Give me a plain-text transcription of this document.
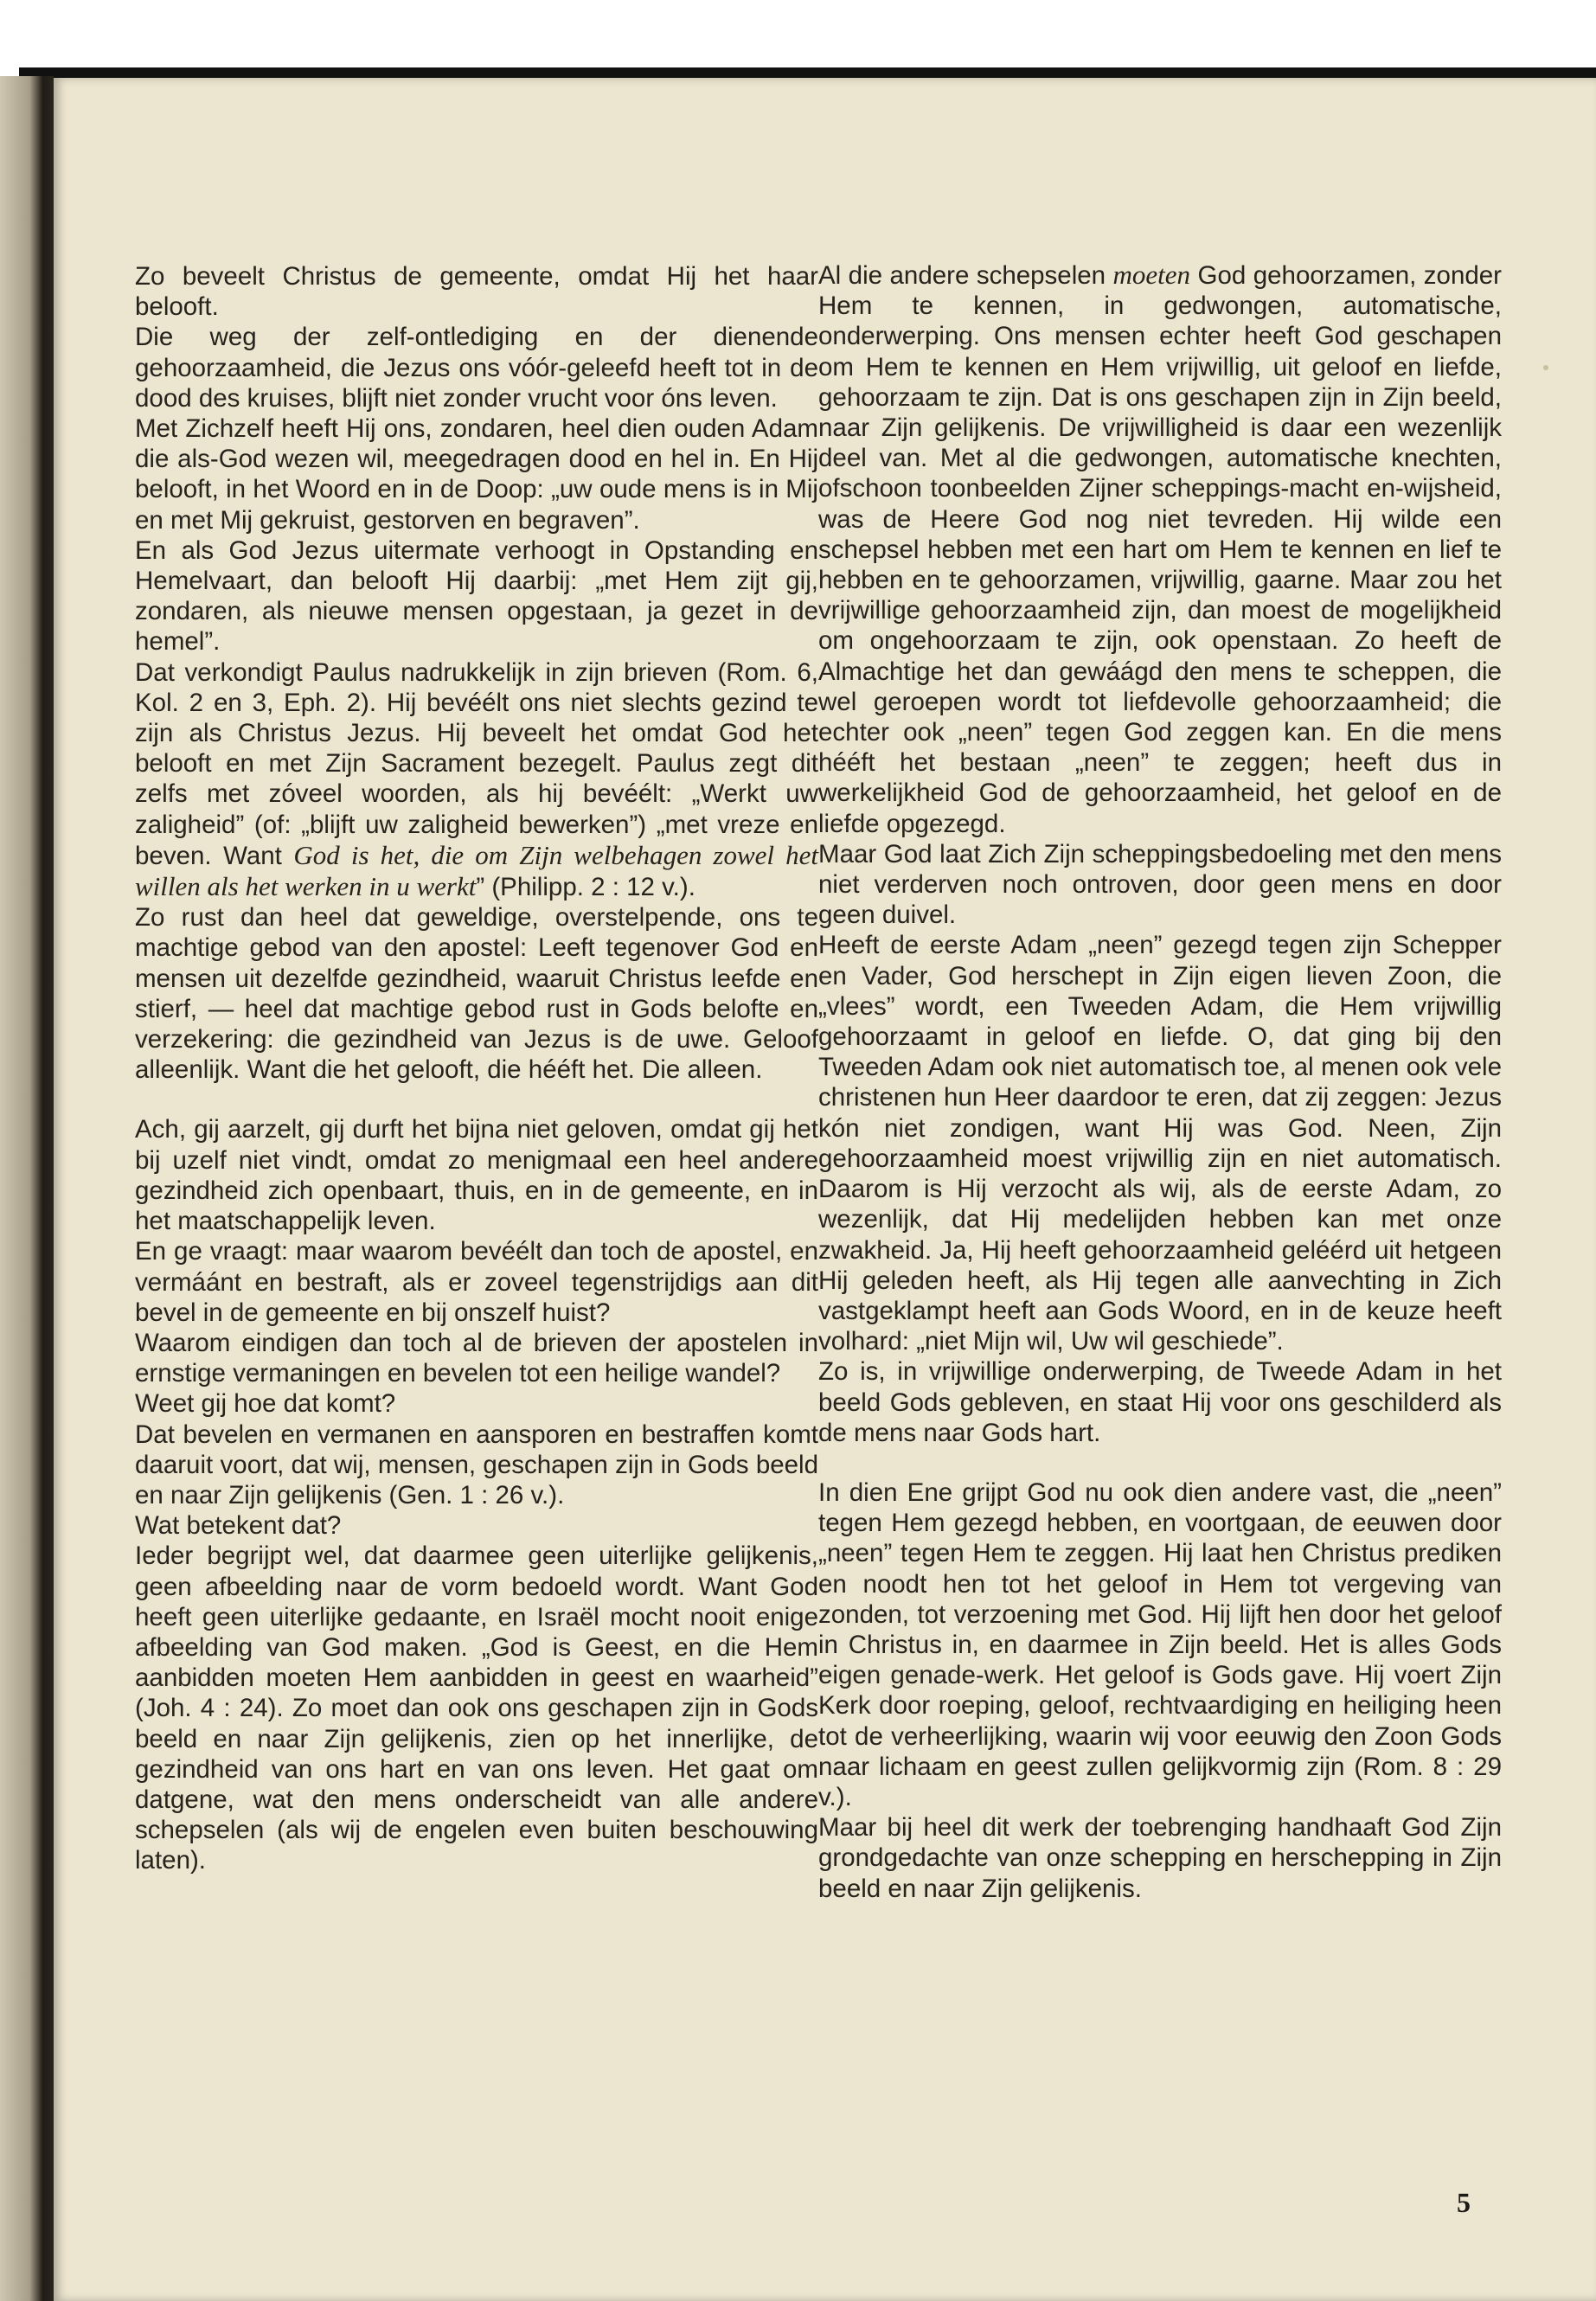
Zo beveelt Christus de gemeente, omdat Hij het haar belooft.

Die weg der zelf-ontlediging en der dienende gehoorzaamheid, die Jezus ons vóór-geleefd heeft tot in de dood des kruises, blijft niet zonder vrucht voor óns leven.

Met Zichzelf heeft Hij ons, zondaren, heel dien ouden Adam die als-God wezen wil, meegedragen dood en hel in. En Hij belooft, in het Woord en in de Doop: „uw oude mens is in Mij en met Mij gekruist, gestorven en begraven”.

En als God Jezus uitermate verhoogt in Opstanding en Hemelvaart, dan belooft Hij daarbij: „met Hem zijt gij, zondaren, als nieuwe mensen opgestaan, ja gezet in de hemel”.

Dat verkondigt Paulus nadrukkelijk in zijn brieven (Rom. 6, Kol. 2 en 3, Eph. 2). Hij bevéélt ons niet slechts gezind te zijn als Christus Jezus. Hij beveelt het omdat God het belooft en met Zijn Sacrament bezegelt. Paulus zegt dit zelfs met zóveel woorden, als hij bevéélt: „Werkt uw zaligheid” (of: „blijft uw zaligheid bewerken”) „met vreze en beven. Want God is het, die om Zijn welbehagen zowel het willen als het werken in u werkt” (Philipp. 2 : 12 v.).

Zo rust dan heel dat geweldige, overstelpende, ons te machtige gebod van den apostel: Leeft tegenover God en mensen uit dezelfde gezindheid, waaruit Christus leefde en stierf, — heel dat machtige gebod rust in Gods belofte en verzekering: die gezindheid van Jezus is de uwe. Geloof alleenlijk. Want die het gelooft, die hééft het. Die alleen.

Ach, gij aarzelt, gij durft het bijna niet geloven, omdat gij het bij uzelf niet vindt, omdat zo menigmaal een heel andere gezindheid zich openbaart, thuis, en in de gemeente, en in het maatschappelijk leven.

En ge vraagt: maar waarom bevéélt dan toch de apostel, en vermáánt en bestraft, als er zoveel tegenstrijdigs aan dit bevel in de gemeente en bij onszelf huist?

Waarom eindigen dan toch al de brieven der apostelen in ernstige vermaningen en bevelen tot een heilige wandel?

Weet gij hoe dat komt?

Dat bevelen en vermanen en aansporen en bestraffen komt daaruit voort, dat wij, mensen, geschapen zijn in Gods beeld en naar Zijn gelijkenis (Gen. 1 : 26 v.).

Wat betekent dat?

Ieder begrijpt wel, dat daarmee geen uiterlijke gelijkenis, geen afbeelding naar de vorm bedoeld wordt. Want God heeft geen uiterlijke gedaante, en Israël mocht nooit enige afbeelding van God maken. „God is Geest, en die Hem aanbidden moeten Hem aanbidden in geest en waarheid” (Joh. 4 : 24). Zo moet dan ook ons geschapen zijn in Gods beeld en naar Zijn gelijkenis, zien op het innerlijke, de gezindheid van ons hart en van ons leven. Het gaat om datgene, wat den mens onderscheidt van alle andere schepselen (als wij de engelen even buiten beschouwing laten).

Al die andere schepselen moeten God gehoorzamen, zonder Hem te kennen, in gedwongen, automatische, onderwerping. Ons mensen echter heeft God geschapen om Hem te kennen en Hem vrijwillig, uit geloof en liefde, gehoorzaam te zijn. Dat is ons geschapen zijn in Zijn beeld, naar Zijn gelijkenis. De vrijwilligheid is daar een wezenlijk deel van. Met al die gedwongen, automatische knechten, ofschoon toonbeelden Zijner scheppings-macht en-wijsheid, was de Heere God nog niet tevreden. Hij wilde een schepsel hebben met een hart om Hem te kennen en lief te hebben en te gehoorzamen, vrijwillig, gaarne. Maar zou het vrijwillige gehoorzaamheid zijn, dan moest de mogelijkheid om ongehoorzaam te zijn, ook openstaan. Zo heeft de Almachtige het dan gewáágd den mens te scheppen, die wel geroepen wordt tot liefdevolle gehoorzaamheid; die echter ook „neen” tegen God zeggen kan. En die mens hééft het bestaan „neen” te zeggen; heeft dus in werkelijkheid God de gehoorzaamheid, het geloof en de liefde opgezegd.

Maar God laat Zich Zijn scheppingsbedoeling met den mens niet verderven noch ontroven, door geen mens en door geen duivel.

Heeft de eerste Adam „neen” gezegd tegen zijn Schepper en Vader, God herschept in Zijn eigen lieven Zoon, die „vlees” wordt, een Tweeden Adam, die Hem vrijwillig gehoorzaamt in geloof en liefde. O, dat ging bij den Tweeden Adam ook niet automatisch toe, al menen ook vele christenen hun Heer daardoor te eren, dat zij zeggen: Jezus kón niet zondigen, want Hij was God. Neen, Zijn gehoorzaamheid moest vrijwillig zijn en niet automatisch. Daarom is Hij verzocht als wij, als de eerste Adam, zo wezenlijk, dat Hij medelijden hebben kan met onze zwakheid. Ja, Hij heeft gehoorzaamheid geléérd uit hetgeen Hij geleden heeft, als Hij tegen alle aanvechting in Zich vastgeklampt heeft aan Gods Woord, en in de keuze heeft volhard: „niet Mijn wil, Uw wil geschiede”.

Zo is, in vrijwillige onderwerping, de Tweede Adam in het beeld Gods gebleven, en staat Hij voor ons geschilderd als de mens naar Gods hart.

In dien Ene grijpt God nu ook dien andere vast, die „neen” tegen Hem gezegd hebben, en voortgaan, de eeuwen door „neen” tegen Hem te zeggen. Hij laat hen Christus prediken en noodt hen tot het geloof in Hem tot vergeving van zonden, tot verzoening met God. Hij lijft hen door het geloof in Christus in, en daarmee in Zijn beeld. Het is alles Gods eigen genade-werk. Het geloof is Gods gave. Hij voert Zijn Kerk door roeping, geloof, rechtvaardiging en heiliging heen tot de verheerlijking, waarin wij voor eeuwig den Zoon Gods naar lichaam en geest zullen gelijkvormig zijn (Rom. 8 : 29 v.).

Maar bij heel dit werk der toebrenging handhaaft God Zijn grondgedachte van onze schepping en herschepping in Zijn beeld en naar Zijn gelijkenis.

5
